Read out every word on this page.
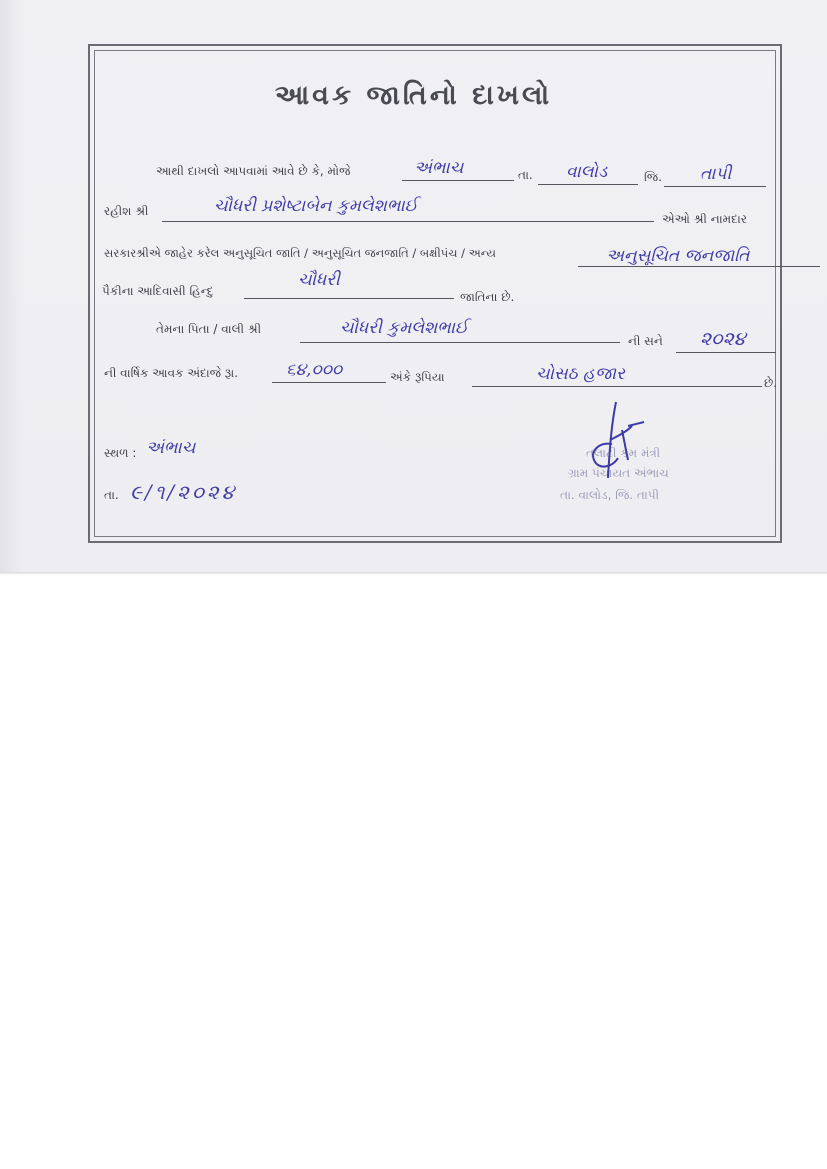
આવક જાતિનો દાખલો
આથી દાખલો આપવામાં આવે છે કે, મોજે	અંભાચ	તા. વાલોડ	જિ. તાપી
રહીશ શ્રી	ચૌધરી પ્રશેષ્ટાબેન કુમલેશભાઈ
એઓ શ્રી નામદાર
સરકારશ્રીએ જાહેર કરેલ અનુસૂચિત જાતિ / અનુસૂચિત જનજાતિ / બક્ષીપંચ / અન્ય	અનુસૂચિત જનજાતિ
પૈકીના આદિવાસી હિન્દુ
ચૌધરી
જાતિના છે.
તેમના પિતા / વાલી શ્રી	ચૌધરી કુમલેશભાઈ
ની સને ૨૦૨૪
ની વાર્ષિક આવક અંદાજે રૂા.	૬૪,૦૦૦	અંકે રૂપિયા	ચોસઠ હજાર	છે.
સ્થળ : અંભાચ
તા. ૯/૧/૨૦૨૪
તલાટી કમ મંત્રી
ગ્રામ પંચાયત અંભાચ
તા. વાલોડ, જિ. તાપી
